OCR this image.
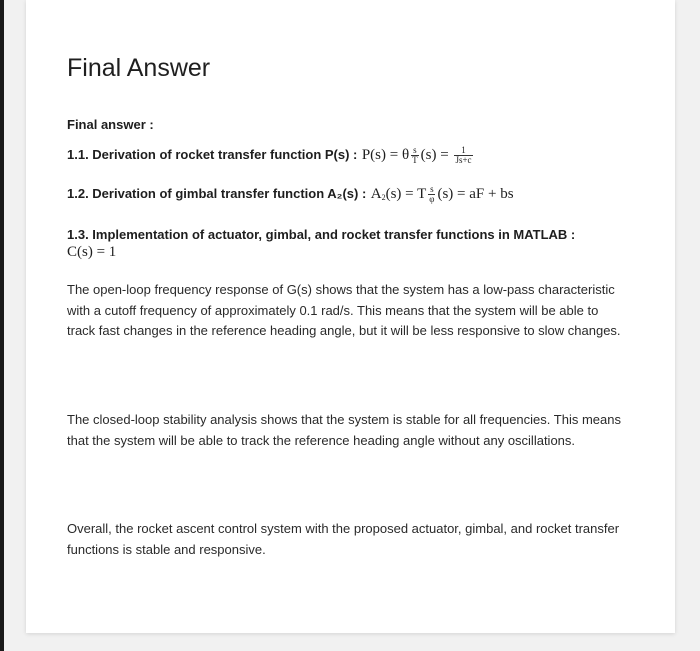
Final Answer
Final answer :
1.1. Derivation of rocket transfer function P(s) : P(s) = θ $\frac{s}{T} (s) = \frac{1}{Js+c}$
1.2. Derivation of gimbal transfer function A₂(s) : $A_2(s) = T \frac{s}{\varphi} (s)$ = aF + bs
1.3. Implementation of actuator, gimbal, and rocket transfer functions in MATLAB :
C(s) = 1
The open-loop frequency response of G(s) shows that the system has a low-pass characteristic with a cutoff frequency of approximately 0.1 rad/s. This means that the system will be able to track fast changes in the reference heading angle, but it will be less responsive to slow changes.
The closed-loop stability analysis shows that the system is stable for all frequencies. This means that the system will be able to track the reference heading angle without any oscillations.
Overall, the rocket ascent control system with the proposed actuator, gimbal, and rocket transfer functions is stable and responsive.
